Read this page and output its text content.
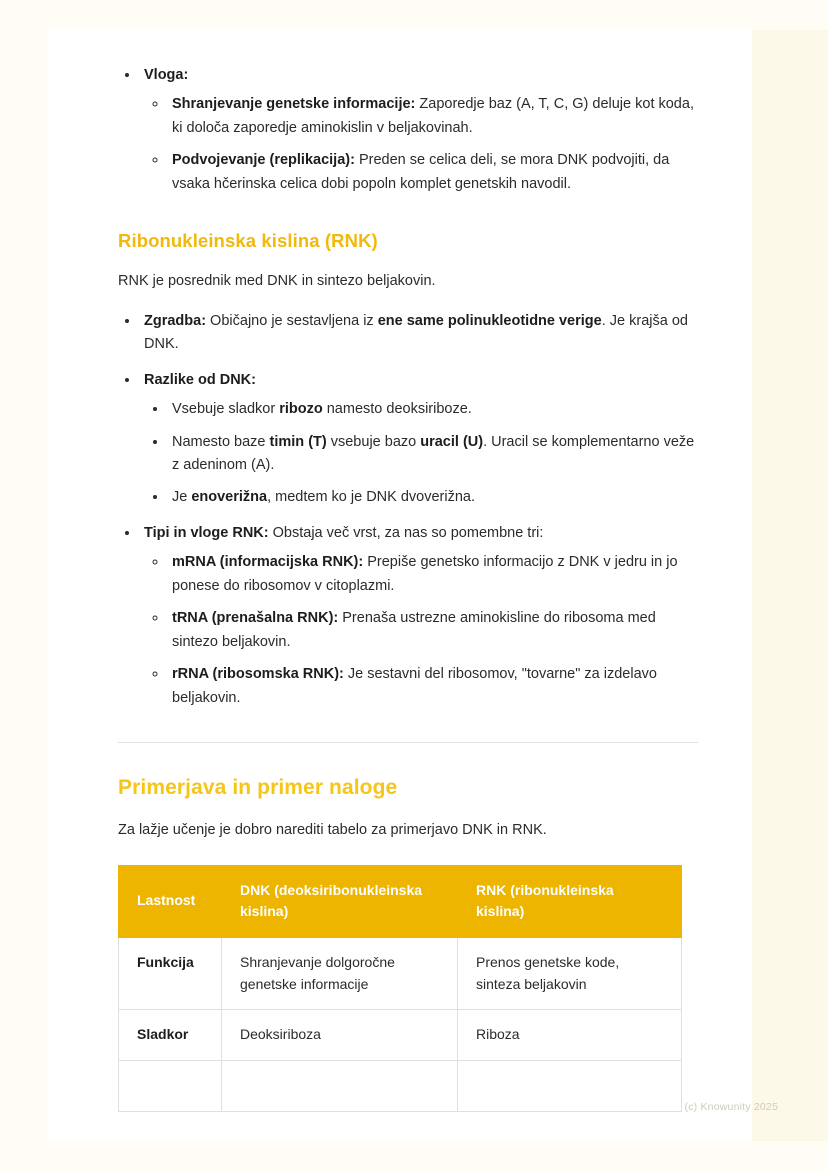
• Vloga:
◦ Shranjevanje genetske informacije: Zaporedje baz (A, T, C, G) deluje kot koda, ki določa zaporedje aminokislin v beljakovinah.
◦ Podvojevanje (replikacija): Preden se celica deli, se mora DNK podvojiti, da vsaka hčerinska celica dobi popoln komplet genetskih navodil.
Ribonukleinska kislina (RNK)

RNK je posrednik med DNK in sintezo beljakovin.

• Zgradba: Običajno je sestavljena iz ene same polinukleotidne verige. Je krajša od DNK.
• Razlike od DNK:
• Vsebuje sladkor ribozo namesto deoksiriboze.
• Namesto baze timin (T) vsebuje bazo uracil (U). Uracil se komplementarno veže z adeninom (A).
• Je enoverižna, medtem ko je DNK dvoverižna.
• Tipi in vloge RNK: Obstaja več vrst, za nas so pomembne tri:
◦ mRNA (informacijska RNK): Prepiše genetsko informacijo z DNK v jedru in jo ponese do ribosomov v citoplazmi.
◦ tRNA (prenašalna RNK): Prenaša ustrezne aminokisline do ribosoma med sintezo beljakovin.
◦ rRNA (ribosomska RNK): Je sestavni del ribosomov, "tovarne" za izdelavo beljakovin.
Primerjava in primer naloge

Za lažje učenje je dobro narediti tabelo za primerjavo DNK in RNK.

Lastnost	DNK (deoksiribonukleinska kislina)	RNK (ribonukleinska kislina)
Funkcija	Shranjevanje dolgoročne genetske informacije	Prenos genetske kode, sinteza beljakovin
Sladkor	Deoksiriboza	Riboza

(c) Knowunity 2025
